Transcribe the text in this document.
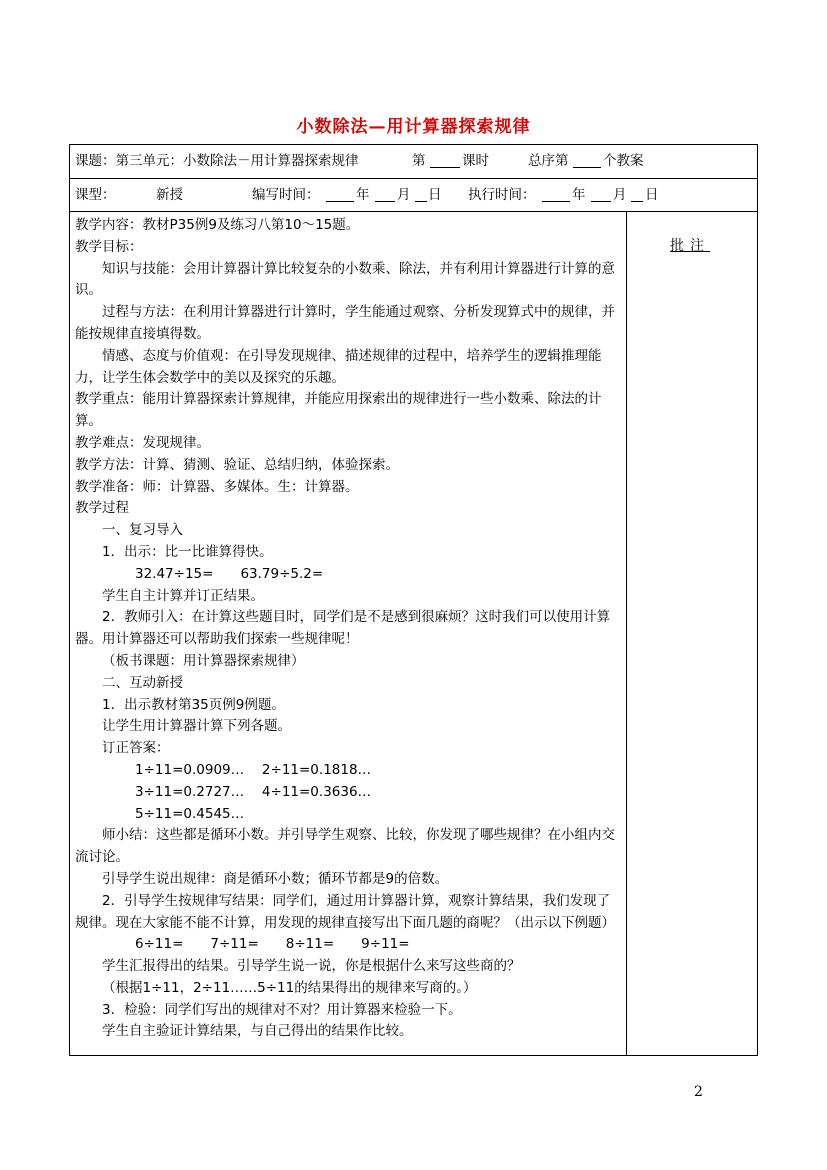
小数除法—用计算器探索规律
课题：第三单元：小数除法－用计算器探索规律	第	课时	总序第	个教案
课型：	新授	编写时间：	年 月 日 执行时间：	年 月 日

教学内容：教材P35例9及练习八第10～15题。

教学目标：

知识与技能：会用计算器计算比较复杂的小数乘、除法，并有利用计算器进行计算的意识。

过程与方法：在利用计算器进行计算时，学生能通过观察、分析发现算式中的规律，并能按规律直接填得数。

情感、态度与价值观：在引导发现规律、描述规律的过程中，培养学生的逻辑推理能力，让学生体会数学中的美以及探究的乐趣。

教学重点：能用计算器探索计算规律，并能应用探索出的规律进行一些小数乘、除法的计算。

教学难点：发现规律。

教学方法：计算、猜测、验证、总结归纳，体验探索。

教学准备：师：计算器、多媒体。生：计算器。

教学过程

一、复习导入

1．出示：比一比谁算得快。

32.47÷15=　　63.79÷5.2=

学生自主计算并订正结果。

2．教师引入：在计算这些题目时，同学们是不是感到很麻烦？这时我们可以使用计算器。用计算器还可以帮助我们探索一些规律呢！

（板书课题：用计算器探索规律）

二、互动新授

1．出示教材第35页例9例题。

让学生用计算器计算下列各题。

订正答案：

1÷11=0.0909…　 2÷11=0.1818…

3÷11=0.2727…　 4÷11=0.3636…

5÷11=0.4545…

师小结：这些都是循环小数。并引导学生观察、比较，你发现了哪些规律？在小组内交流讨论。

引导学生说出规律：商是循环小数；循环节都是9的倍数。

2．引导学生按规律写结果：同学们，通过用计算器计算，观察计算结果，我们发现了规律。现在大家能不能不计算，用发现的规律直接写出下面几题的商呢？（出示以下例题）

6÷11=　　7÷11=　　8÷11=　　9÷11=

学生汇报得出的结果。引导学生说一说，你是根据什么来写这些商的？

（根据1÷11，2÷11……5÷11的结果得出的规律来写商的。）

3．检验：同学们写出的规律对不对？用计算器来检验一下。

学生自主验证计算结果，与自己得出的结果作比较。

批注
2
